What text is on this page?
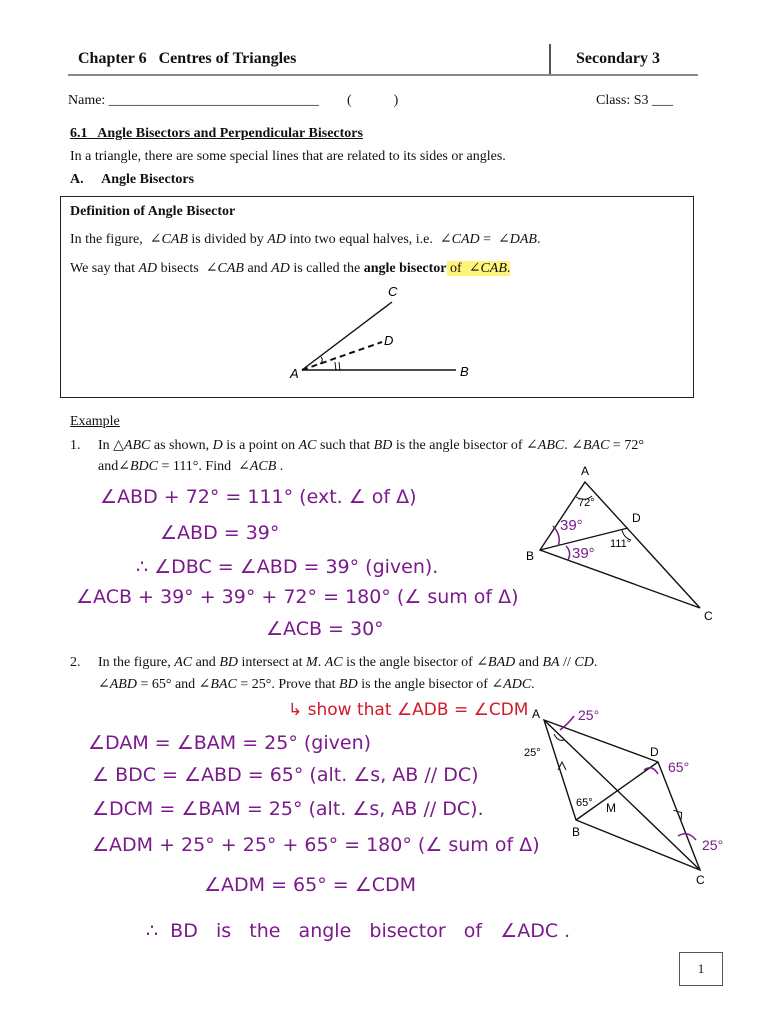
Chapter 6   Centres of Triangles	Secondary 3
Name: ______________________________ (            )	Class: S3 ___
6.1   Angle Bisectors and Perpendicular Bisectors
In a triangle, there are some special lines that are related to its sides or angles.
A. Angle Bisectors
Definition of Angle Bisector
In the figure, ∠CAB is divided by AD into two equal halves, i.e.  ∠CAD =  ∠DAB.
We say that AD bisects  ∠CAB and AD is called the angle bisector of  ∠CAB.
A	B
C
D
Example
1. In △ABC as shown, D is a point on AC such that BD is the angle bisector of ∠ABC. ∠BAC = 72°
and∠BDC = 111°. Find  ∠ACB .	A
B
C
D
72°
111°
39°
39°
∠ABD + 72° = 111° (ext. ∠ of Δ)
∠ABD = 39°
∴ ∠DBC = ∠ABD = 39° (given).
∠ACB + 39° + 39° + 72° = 180° (∠ sum of Δ)
∠ACB = 30°
2. In the figure, AC and BD intersect at M. AC is the angle bisector of ∠BAD and BA // CD.
∠ABD = 65° and ∠BAC = 25°. Prove that BD is the angle bisector of ∠ADC.
↳ show that ∠ADB = ∠CDM A
B
C
D
M
25°
65°
25°
65°
25°
∠DAM = ∠BAM = 25° (given)
∠ BDC = ∠ABD = 65° (alt. ∠s, AB // DC)
∠DCM = ∠BAM = 25° (alt. ∠s, AB // DC).
∠ADM + 25° + 25° + 65° = 180° (∠ sum of Δ)
∠ADM = 65° = ∠CDM
∴  BD   is   the   angle   bisector   of   ∠ADC .
1
